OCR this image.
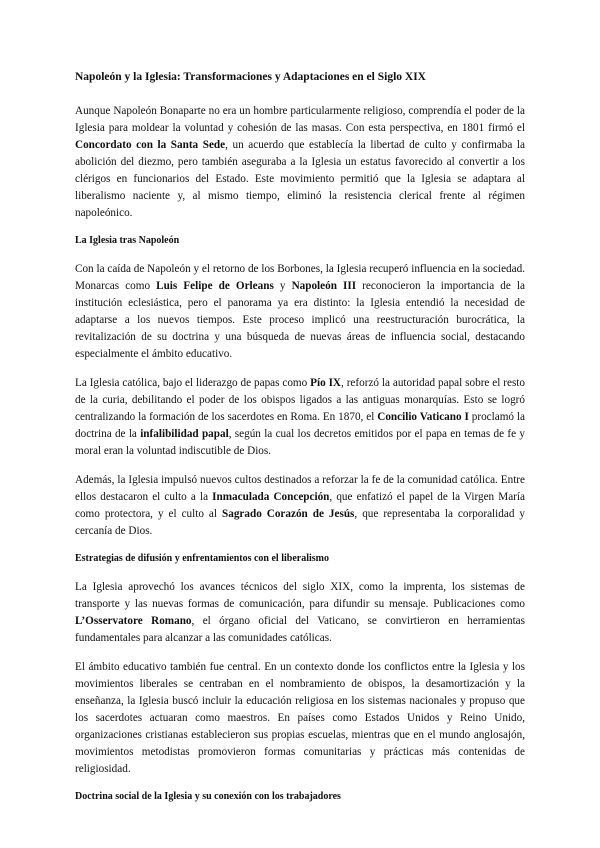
Napoleón y la Iglesia: Transformaciones y Adaptaciones en el Siglo XIX

Aunque Napoleón Bonaparte no era un hombre particularmente religioso, comprendía el poder de la Iglesia para moldear la voluntad y cohesión de las masas. Con esta perspectiva, en 1801 firmó el Concordato con la Santa Sede, un acuerdo que establecía la libertad de culto y confirmaba la abolición del diezmo, pero también aseguraba a la Iglesia un estatus favorecido al convertir a los clérigos en funcionarios del Estado. Este movimiento permitió que la Iglesia se adaptara al liberalismo naciente y, al mismo tiempo, eliminó la resistencia clerical frente al régimen napoleónico.

La Iglesia tras Napoleón

Con la caída de Napoleón y el retorno de los Borbones, la Iglesia recuperó influencia en la sociedad. Monarcas como Luis Felipe de Orleans y Napoleón III reconocieron la importancia de la institución eclesiástica, pero el panorama ya era distinto: la Iglesia entendió la necesidad de adaptarse a los nuevos tiempos. Este proceso implicó una reestructuración burocrática, la revitalización de su doctrina y una búsqueda de nuevas áreas de influencia social, destacando especialmente el ámbito educativo.

La Iglesia católica, bajo el liderazgo de papas como Pío IX, reforzó la autoridad papal sobre el resto de la curia, debilitando el poder de los obispos ligados a las antiguas monarquías. Esto se logró centralizando la formación de los sacerdotes en Roma. En 1870, el Concilio Vaticano I proclamó la doctrina de la infalibilidad papal, según la cual los decretos emitidos por el papa en temas de fe y moral eran la voluntad indiscutible de Dios.

Además, la Iglesia impulsó nuevos cultos destinados a reforzar la fe de la comunidad católica. Entre ellos destacaron el culto a la Inmaculada Concepción, que enfatizó el papel de la Virgen María como protectora, y el culto al Sagrado Corazón de Jesús, que representaba la corporalidad y cercanía de Dios.

Estrategias de difusión y enfrentamientos con el liberalismo

La Iglesia aprovechó los avances técnicos del siglo XIX, como la imprenta, los sistemas de transporte y las nuevas formas de comunicación, para difundir su mensaje. Publicaciones como L’Osservatore Romano, el órgano oficial del Vaticano, se convirtieron en herramientas fundamentales para alcanzar a las comunidades católicas.

El ámbito educativo también fue central. En un contexto donde los conflictos entre la Iglesia y los movimientos liberales se centraban en el nombramiento de obispos, la desamortización y la enseñanza, la Iglesia buscó incluir la educación religiosa en los sistemas nacionales y propuso que los sacerdotes actuaran como maestros. En países como Estados Unidos y Reino Unido, organizaciones cristianas establecieron sus propias escuelas, mientras que en el mundo anglosajón, movimientos metodistas promovieron formas comunitarias y prácticas más contenidas de religiosidad.

Doctrina social de la Iglesia y su conexión con los trabajadores
